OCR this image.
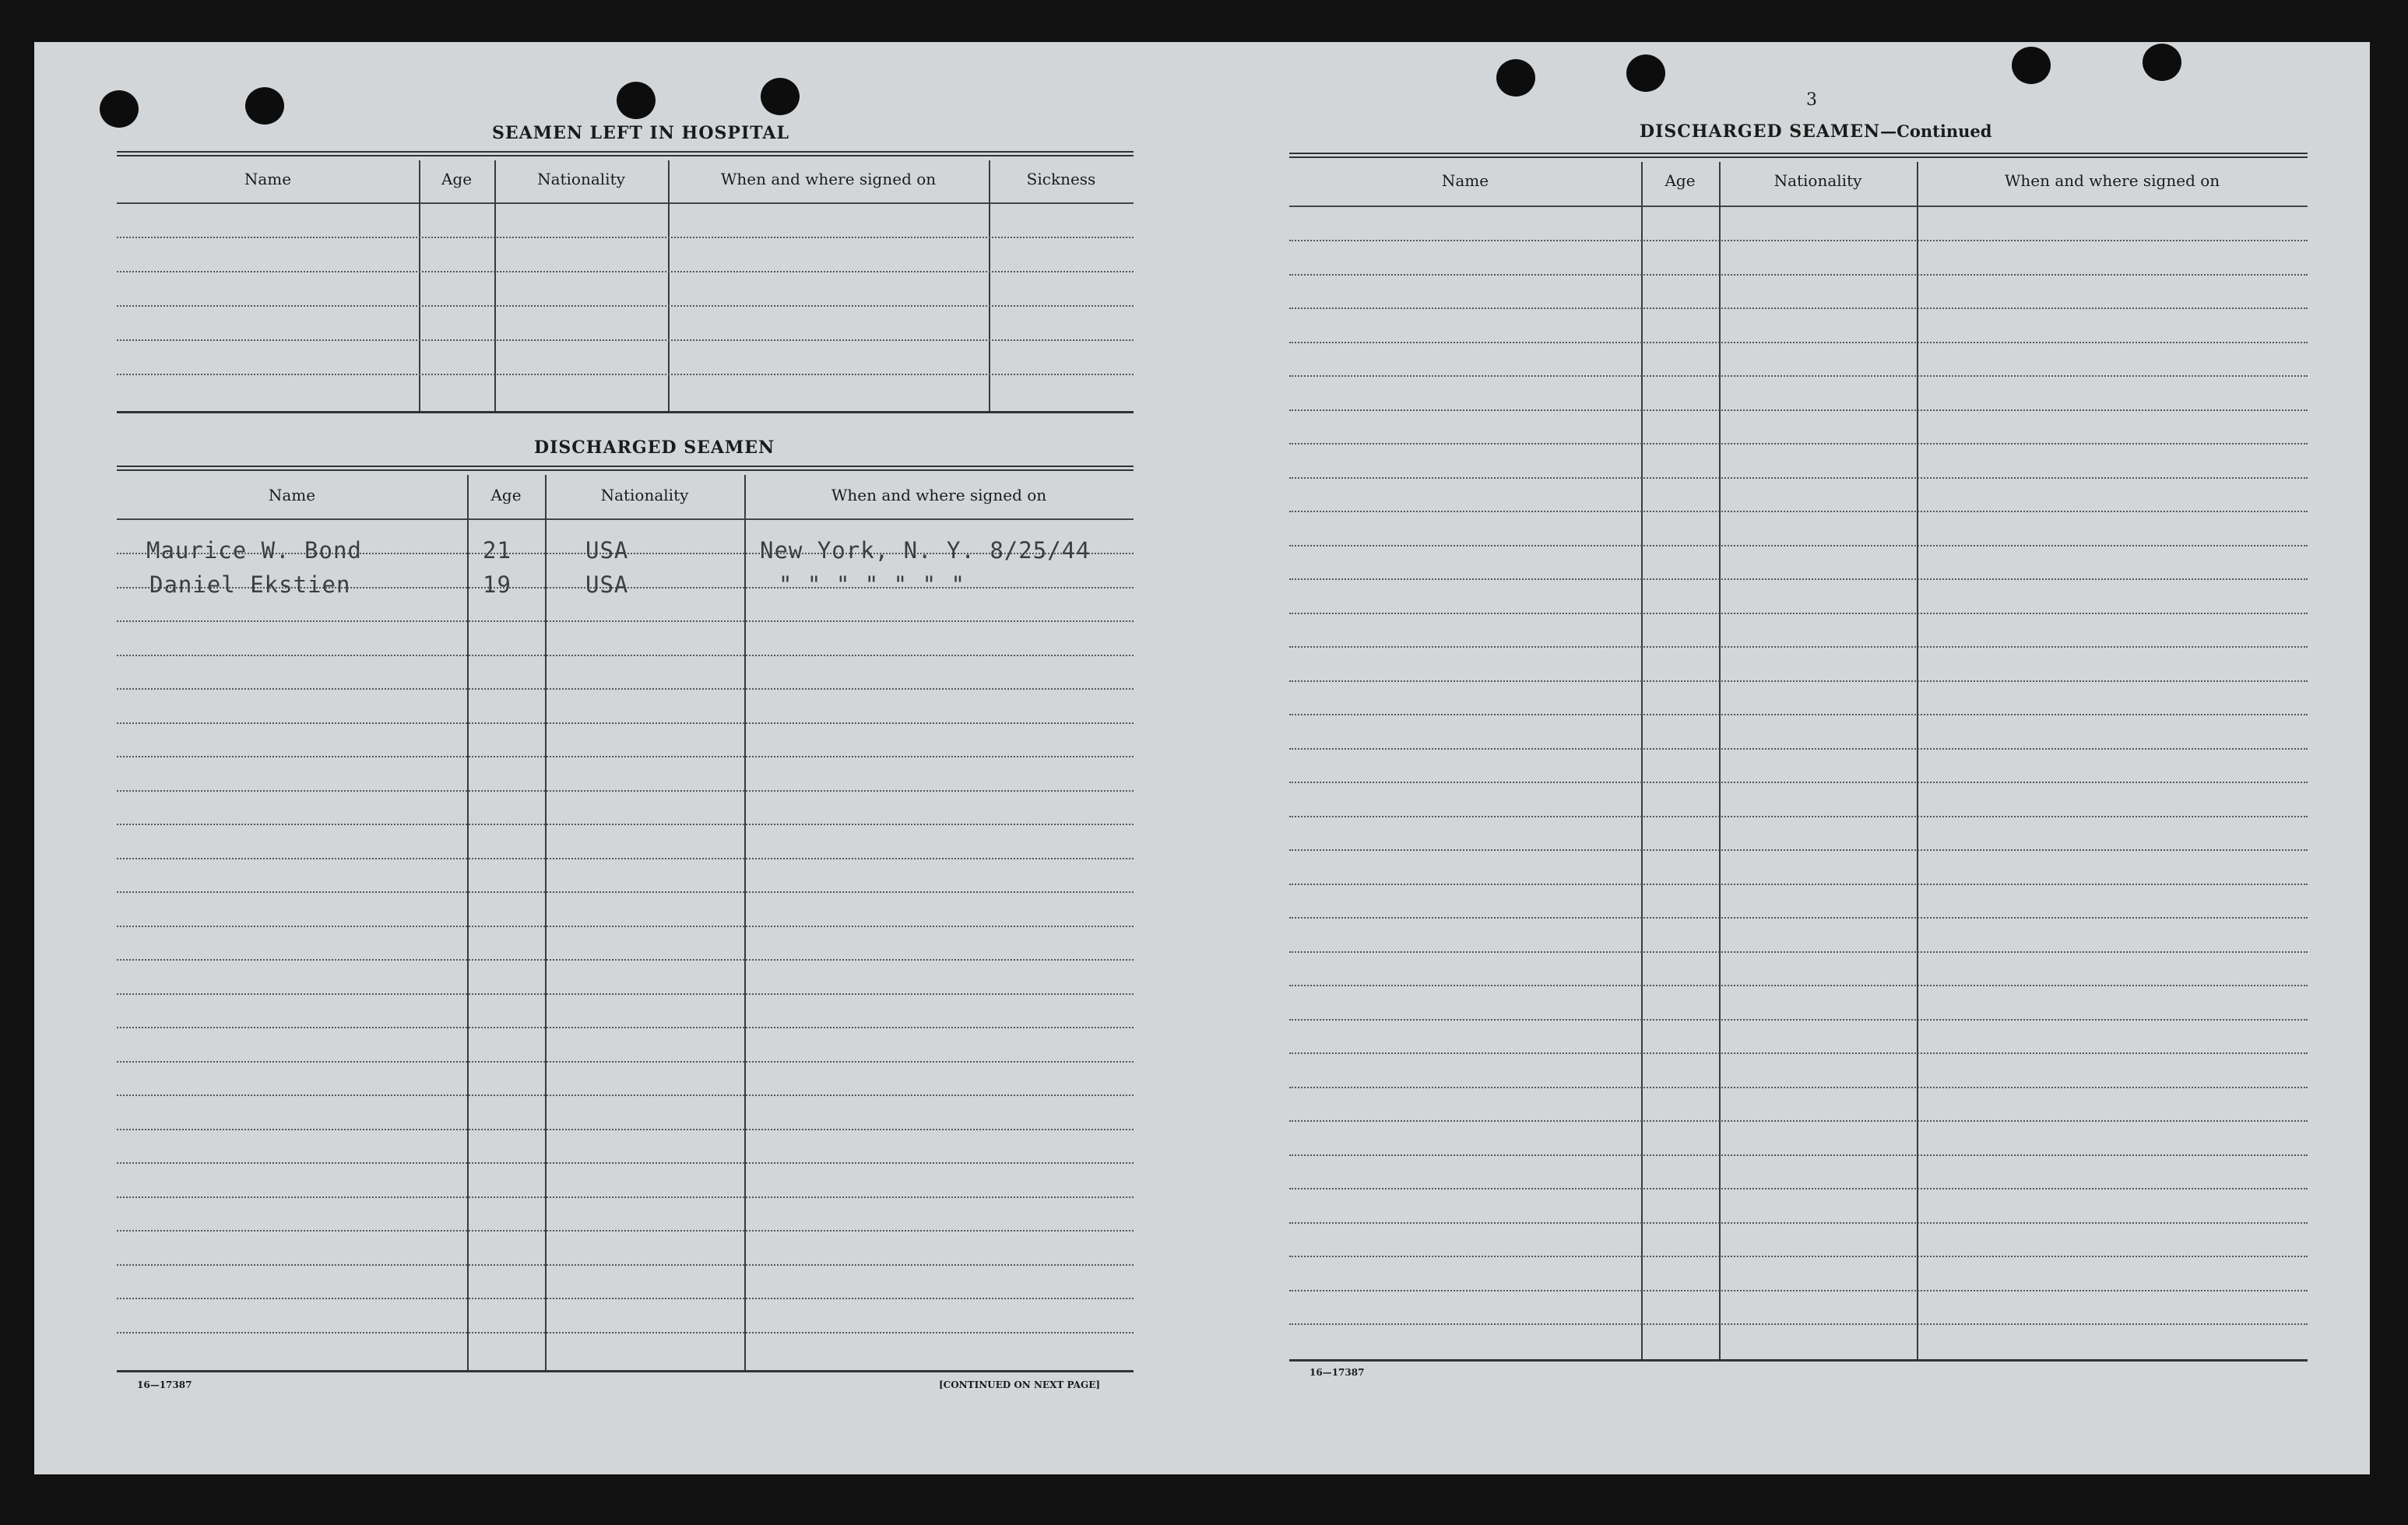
SEAMEN LEFT IN HOSPITAL
Name	Age	Nationality	When and where signed on	Sickness
DISCHARGED SEAMEN
Name	Age	Nationality	When and where signed on
Maurice W. Bond	21	USA	New York, N. Y. 8/25/44
Daniel Ekstien	19	USA	" " " " " " "
16—17387	[CONTINUED ON NEXT PAGE]
3
DISCHARGED SEAMEN—Continued
Name	Age	Nationality	When and where signed on
16—17387
